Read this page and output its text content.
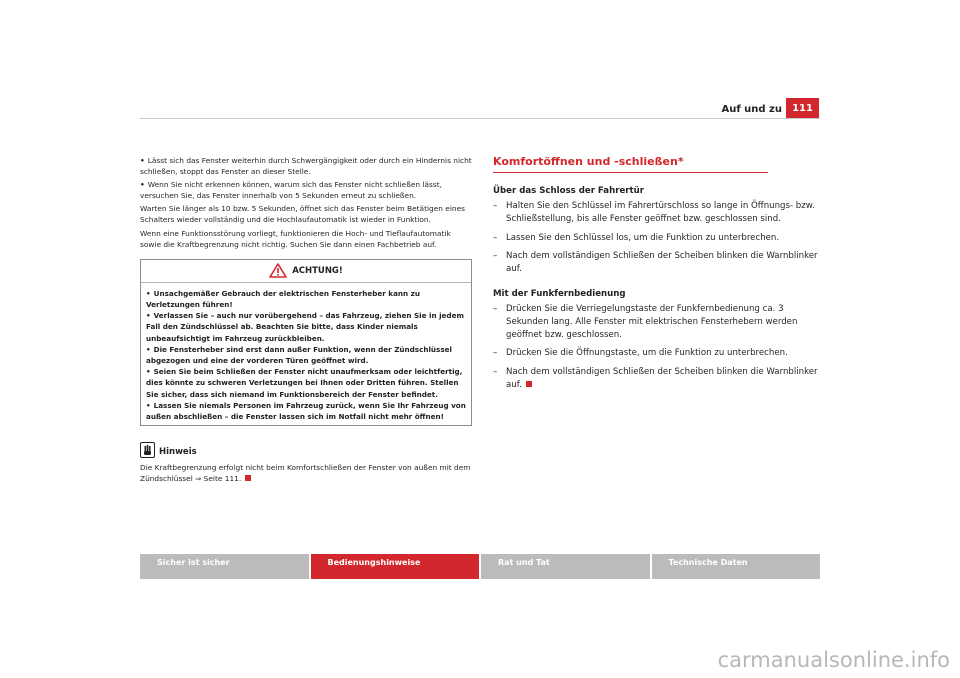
Auf und zu	111

• Lässt sich das Fenster weiterhin durch Schwergängigkeit oder durch ein Hindernis nicht schließen, stoppt das Fenster an dieser Stelle.

• Wenn Sie nicht erkennen können, warum sich das Fenster nicht schließen lässt, versuchen Sie, das Fenster innerhalb von 5 Sekunden erneut zu schließen.

Warten Sie länger als 10 bzw. 5 Sekunden, öffnet sich das Fenster beim Betätigen eines Schalters wieder vollständig und die Hochlaufautomatik ist wieder in Funktion.

Wenn eine Funktionsstörung vorliegt, funktionieren die Hoch- und Tieflaufautomatik sowie die Kraftbegrenzung nicht richtig. Suchen Sie dann einen Fachbetrieb auf.

ACHTUNG!

• Unsachgemäßer Gebrauch der elektrischen Fensterheber kann zu Verletzungen führen!

• Verlassen Sie – auch nur vorübergehend – das Fahrzeug, ziehen Sie in jedem Fall den Zündschlüssel ab. Beachten Sie bitte, dass Kinder niemals unbeaufsichtigt im Fahrzeug zurückbleiben.

• Die Fensterheber sind erst dann außer Funktion, wenn der Zündschlüssel abgezogen und eine der vorderen Türen geöffnet wird.

• Seien Sie beim Schließen der Fenster nicht unaufmerksam oder leichtfertig, dies könnte zu schweren Verletzungen bei Ihnen oder Dritten führen. Stellen Sie sicher, dass sich niemand im Funktionsbereich der Fenster befindet.

• Lassen Sie niemals Personen im Fahrzeug zurück, wenn Sie Ihr Fahrzeug von außen abschließen – die Fenster lassen sich im Notfall nicht mehr öffnen!

Hinweis

Die Kraftbegrenzung erfolgt nicht beim Komfortschließen der Fenster von außen mit dem Zündschlüssel ⇒ Seite 111.

Komfortöffnen und -schließen*
Über das Schloss der Fahrertür

– Halten Sie den Schlüssel im Fahrertürschloss so lange in Öffnungs- bzw. Schließstellung, bis alle Fenster geöffnet bzw. geschlossen sind.

– Lassen Sie den Schlüssel los, um die Funktion zu unterbrechen.

– Nach dem vollständigen Schließen der Scheiben blinken die Warnblinker auf.

Mit der Funkfernbedienung

– Drücken Sie die Verriegelungstaste der Funkfernbedienung ca. 3 Sekunden lang. Alle Fenster mit elektrischen Fensterhebern werden geöffnet bzw. geschlossen.

– Drücken Sie die Öffnungstaste, um die Funktion zu unterbrechen.

– Nach dem vollständigen Schließen der Scheiben blinken die Warnblinker auf.

Sicher ist sicher	Bedienungshinweise	Rat und Tat	Technische Daten
carmanualsonline.info
